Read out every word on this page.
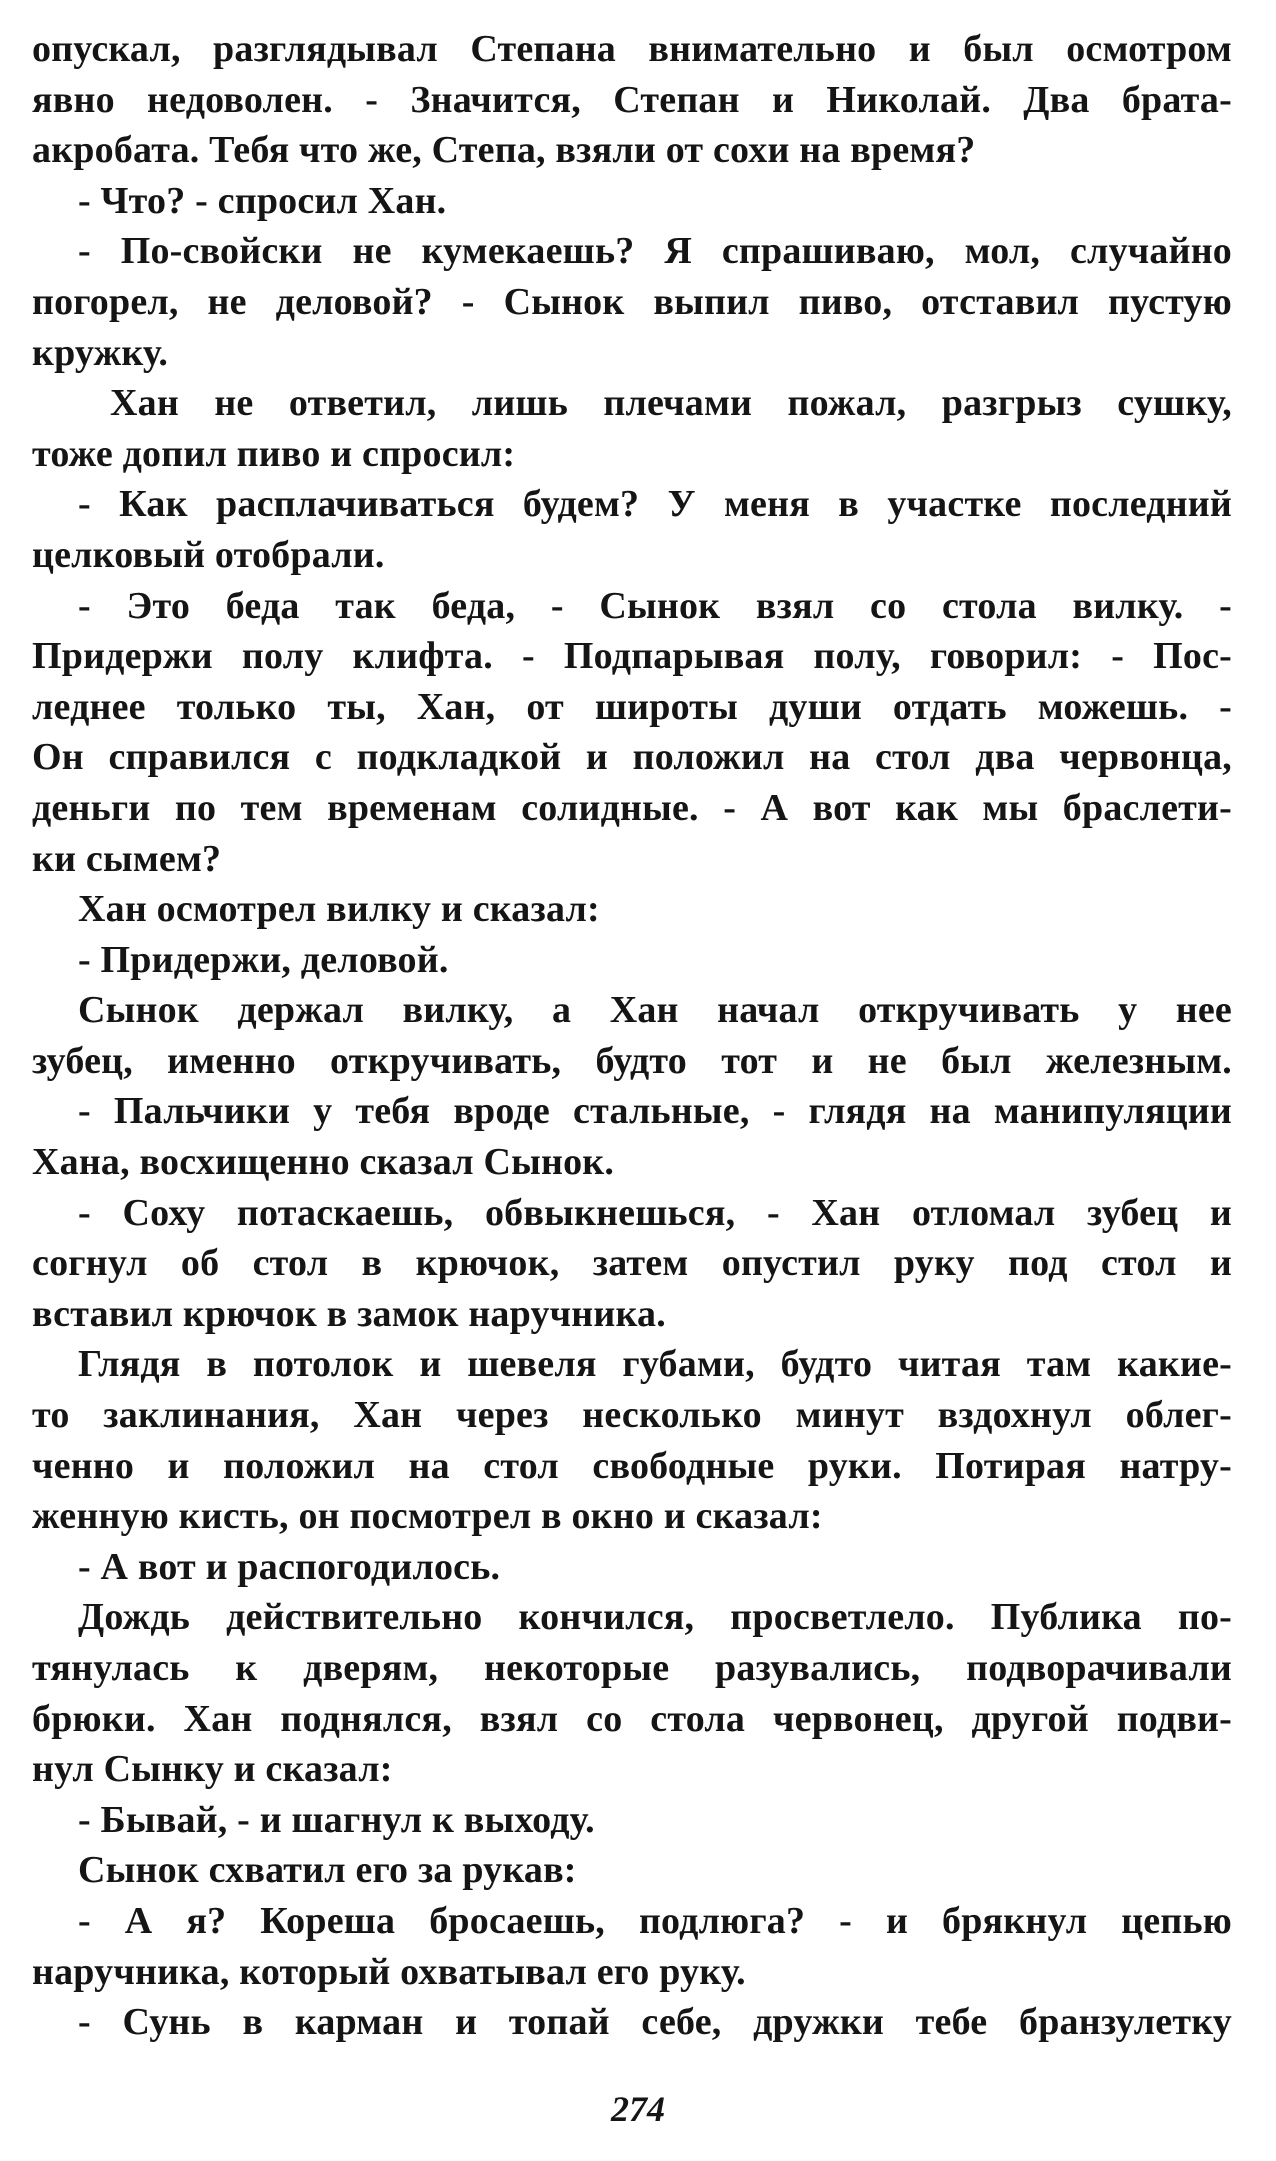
опускал, разглядывал Степана внимательно и был осмотром
явно недоволен. - Значится, Степан и Николай. Два брата-
акробата. Тебя что же, Степа, взяли от сохи на время?
- Что? - спросил Хан.
- По-свойски не кумекаешь? Я спрашиваю, мол, случайно
погорел, не деловой? - Сынок выпил пиво, отставил пустую
кружку.
Хан не ответил, лишь плечами пожал, разгрыз сушку,
тоже допил пиво и спросил:
- Как расплачиваться будем? У меня в участке последний
целковый отобрали.
- Это беда так беда, - Сынок взял со стола вилку. -
Придержи полу клифта. - Подпарывая полу, говорил: - Пос-
леднее только ты, Хан, от широты души отдать можешь. -
Он справился с подкладкой и положил на стол два червонца,
деньги по тем временам солидные. - А вот как мы браслети-
ки сымем?
Хан осмотрел вилку и сказал:
- Придержи, деловой.
Сынок держал вилку, а Хан начал откручивать у нее
зубец, именно откручивать, будто тот и не был железным.
- Пальчики у тебя вроде стальные, - глядя на манипуляции
Хана, восхищенно сказал Сынок.
- Соху потаскаешь, обвыкнешься, - Хан отломал зубец и
согнул об стол в крючок, затем опустил руку под стол и
вставил крючок в замок наручника.
Глядя в потолок и шевеля губами, будто читая там какие-
то заклинания, Хан через несколько минут вздохнул облег-
ченно и положил на стол свободные руки. Потирая натру-
женную кисть, он посмотрел в окно и сказал:
- А вот и распогодилось.
Дождь действительно кончился, просветлело. Публика по-
тянулась к дверям, некоторые разувались, подворачивали
брюки. Хан поднялся, взял со стола червонец, другой подви-
нул Сынку и сказал:
- Бывай, - и шагнул к выходу.
Сынок схватил его за рукав:
- А я? Кореша бросаешь, подлюга? - и брякнул цепью
наручника, который охватывал его руку.
- Сунь в карман и топай себе, дружки тебе бранзулетку
274
